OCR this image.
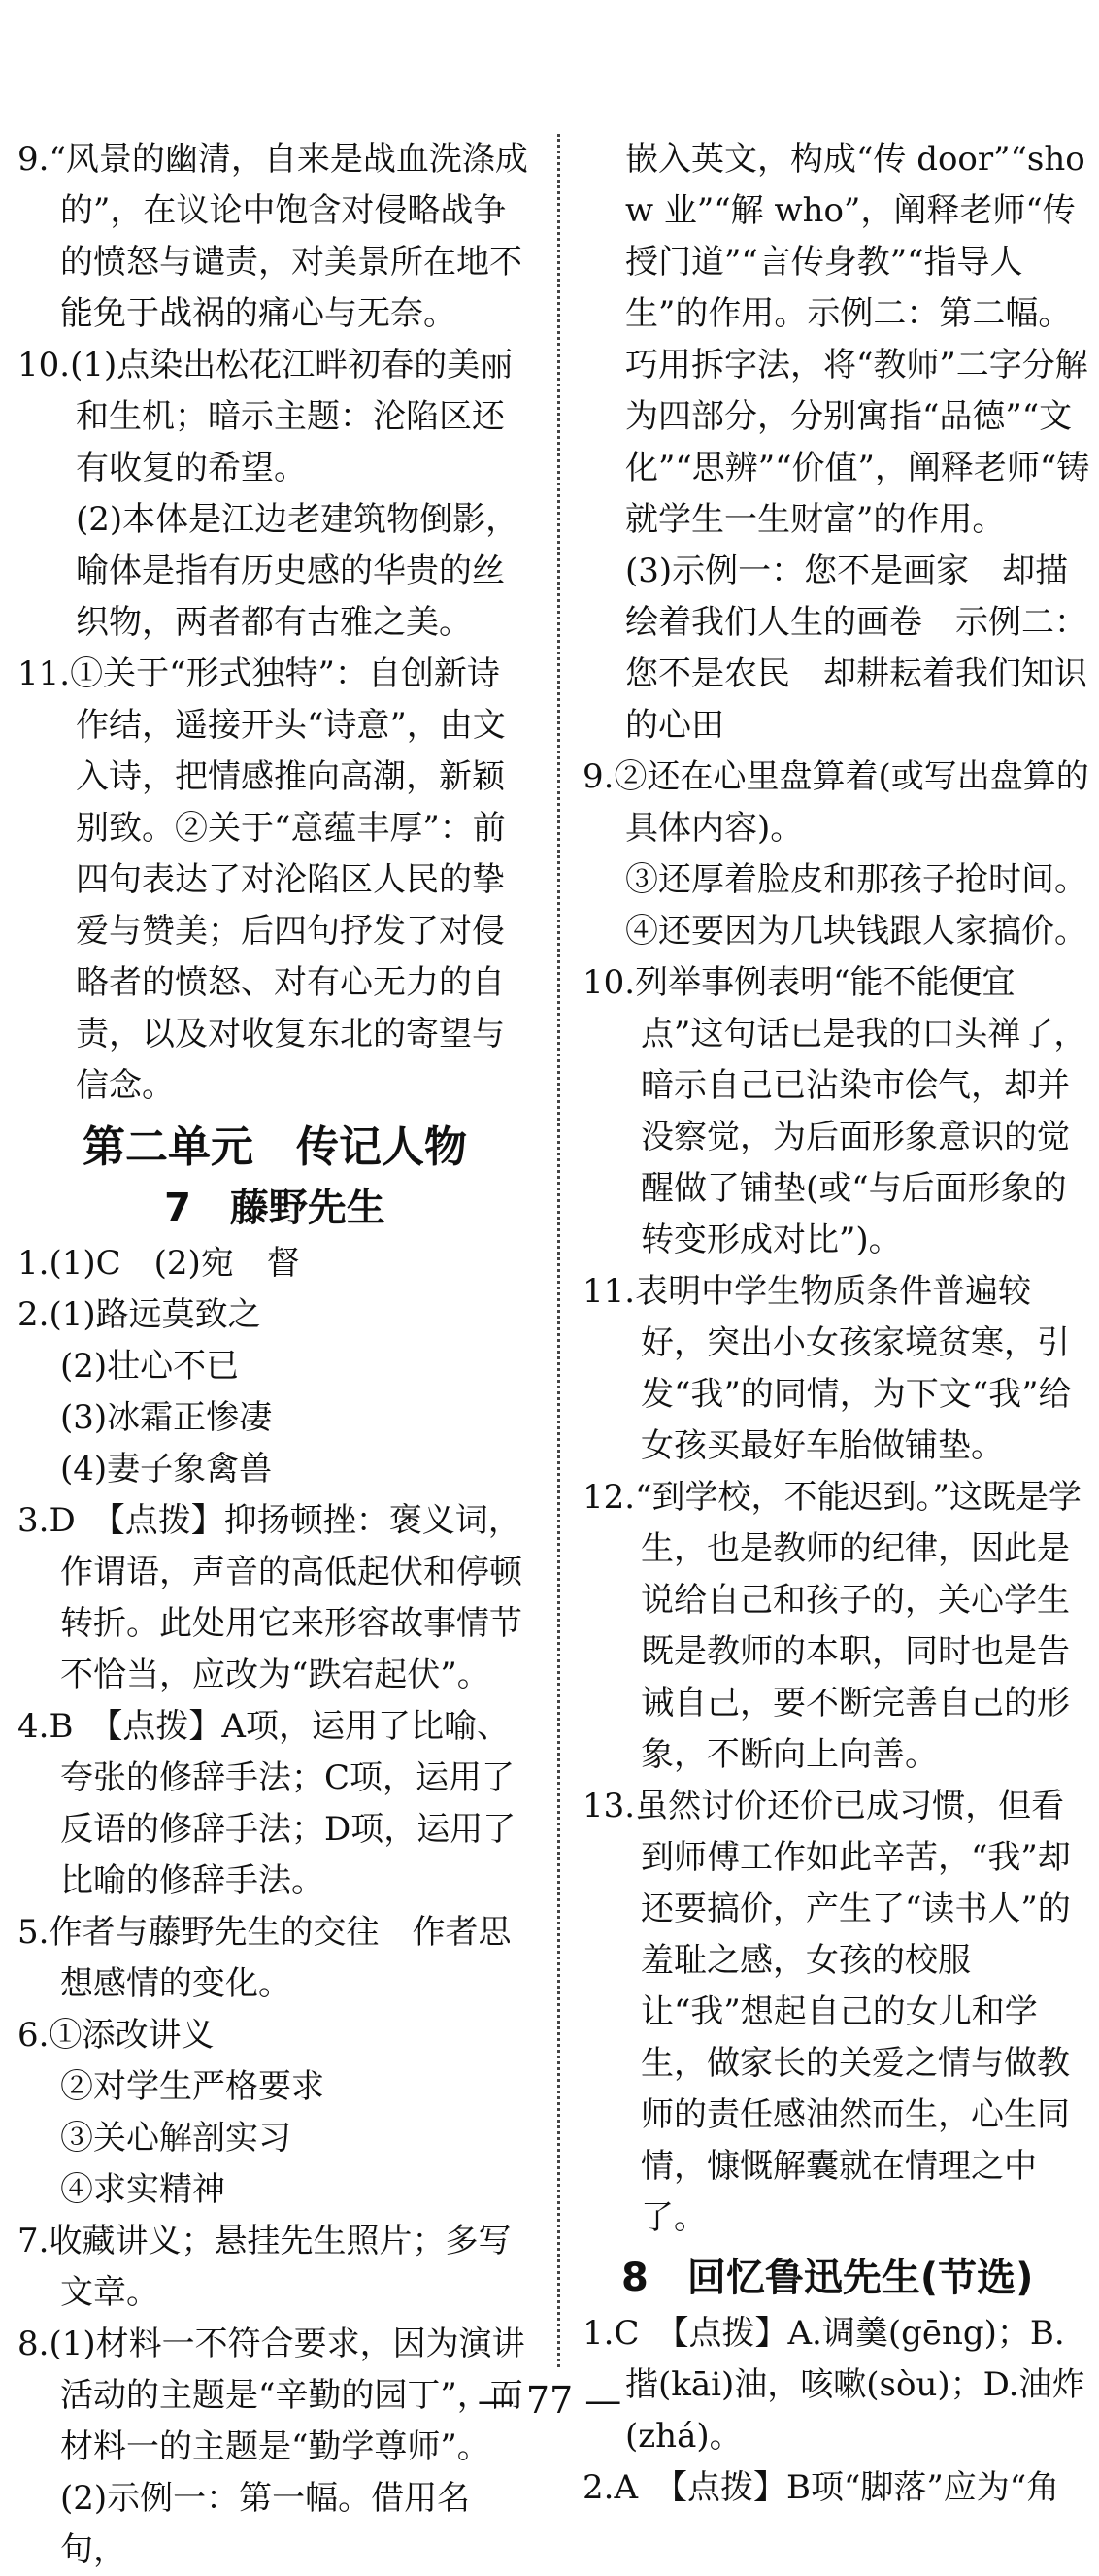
9.“风景的幽清，自来是战血洗涤成的”，在议论中饱含对侵略战争的愤怒与谴责，对美景所在地不能免于战祸的痛心与无奈。
10.(1)点染出松花江畔初春的美丽和生机；暗示主题：沦陷区还有收复的希望。
(2)本体是江边老建筑物倒影，喻体是指有历史感的华贵的丝织物，两者都有古雅之美。
11.①关于“形式独特”：自创新诗作结，遥接开头“诗意”，由文入诗，把情感推向高潮，新颖别致。②关于“意蕴丰厚”：前四句表达了对沦陷区人民的挚爱与赞美；后四句抒发了对侵略者的愤怒、对有心无力的自责，以及对收复东北的寄望与信念。
第二单元　传记人物
7　藤野先生
1.(1)C　(2)宛　督
2.(1)路远莫致之
(2)壮心不已
(3)冰霜正惨凄
(4)妻子象禽兽
3.D　【点拨】抑扬顿挫：褒义词，作谓语，声音的高低起伏和停顿转折。此处用它来形容故事情节不恰当，应改为“跌宕起伏”。
4.B　【点拨】A项，运用了比喻、夸张的修辞手法；C项，运用了反语的修辞手法；D项，运用了比喻的修辞手法。
5.作者与藤野先生的交往　作者思想感情的变化。
6.①添改讲义
②对学生严格要求
③关心解剖实习
④求实精神
7.收藏讲义；悬挂先生照片；多写文章。
8.(1)材料一不符合要求，因为演讲活动的主题是“辛勤的园丁”，而材料一的主题是“勤学尊师”。
(2)示例一：第一幅。借用名句，
嵌入英文，构成“传 door”“show 业”“解 who”，阐释老师“传授门道”“言传身教”“指导人生”的作用。示例二：第二幅。巧用拆字法，将“教师”二字分解为四部分，分别寓指“品德”“文化”“思辨”“价值”，阐释老师“铸就学生一生财富”的作用。
(3)示例一：您不是画家　却描绘着我们人生的画卷　示例二：您不是农民　却耕耘着我们知识的心田
9.②还在心里盘算着(或写出盘算的具体内容)。
③还厚着脸皮和那孩子抢时间。
④还要因为几块钱跟人家搞价。
10.列举事例表明“能不能便宜点”这句话已是我的口头禅了，暗示自己已沾染市侩气，却并没察觉，为后面形象意识的觉醒做了铺垫(或“与后面形象的转变形成对比”)。
11.表明中学生物质条件普遍较好，突出小女孩家境贫寒，引发“我”的同情，为下文“我”给女孩买最好车胎做铺垫。
12.“到学校，不能迟到。”这既是学生，也是教师的纪律，因此是说给自己和孩子的，关心学生既是教师的本职，同时也是告诫自己，要不断完善自己的形象，不断向上向善。
13.虽然讨价还价已成习惯，但看到师傅工作如此辛苦，“我”却还要搞价，产生了“读书人”的羞耻之感，女孩的校服让“我”想起自己的女儿和学生，做家长的关爱之情与做教师的责任感油然而生，心生同情，慷慨解囊就在情理之中了。
8　回忆鲁迅先生(节选)
1.C　【点拨】A.调羹(gēng)；B.揩(kāi)油，咳嗽(sòu)；D.油炸(zhá)。
2.A　【点拨】B项“脚落”应为“角
— 77 —
